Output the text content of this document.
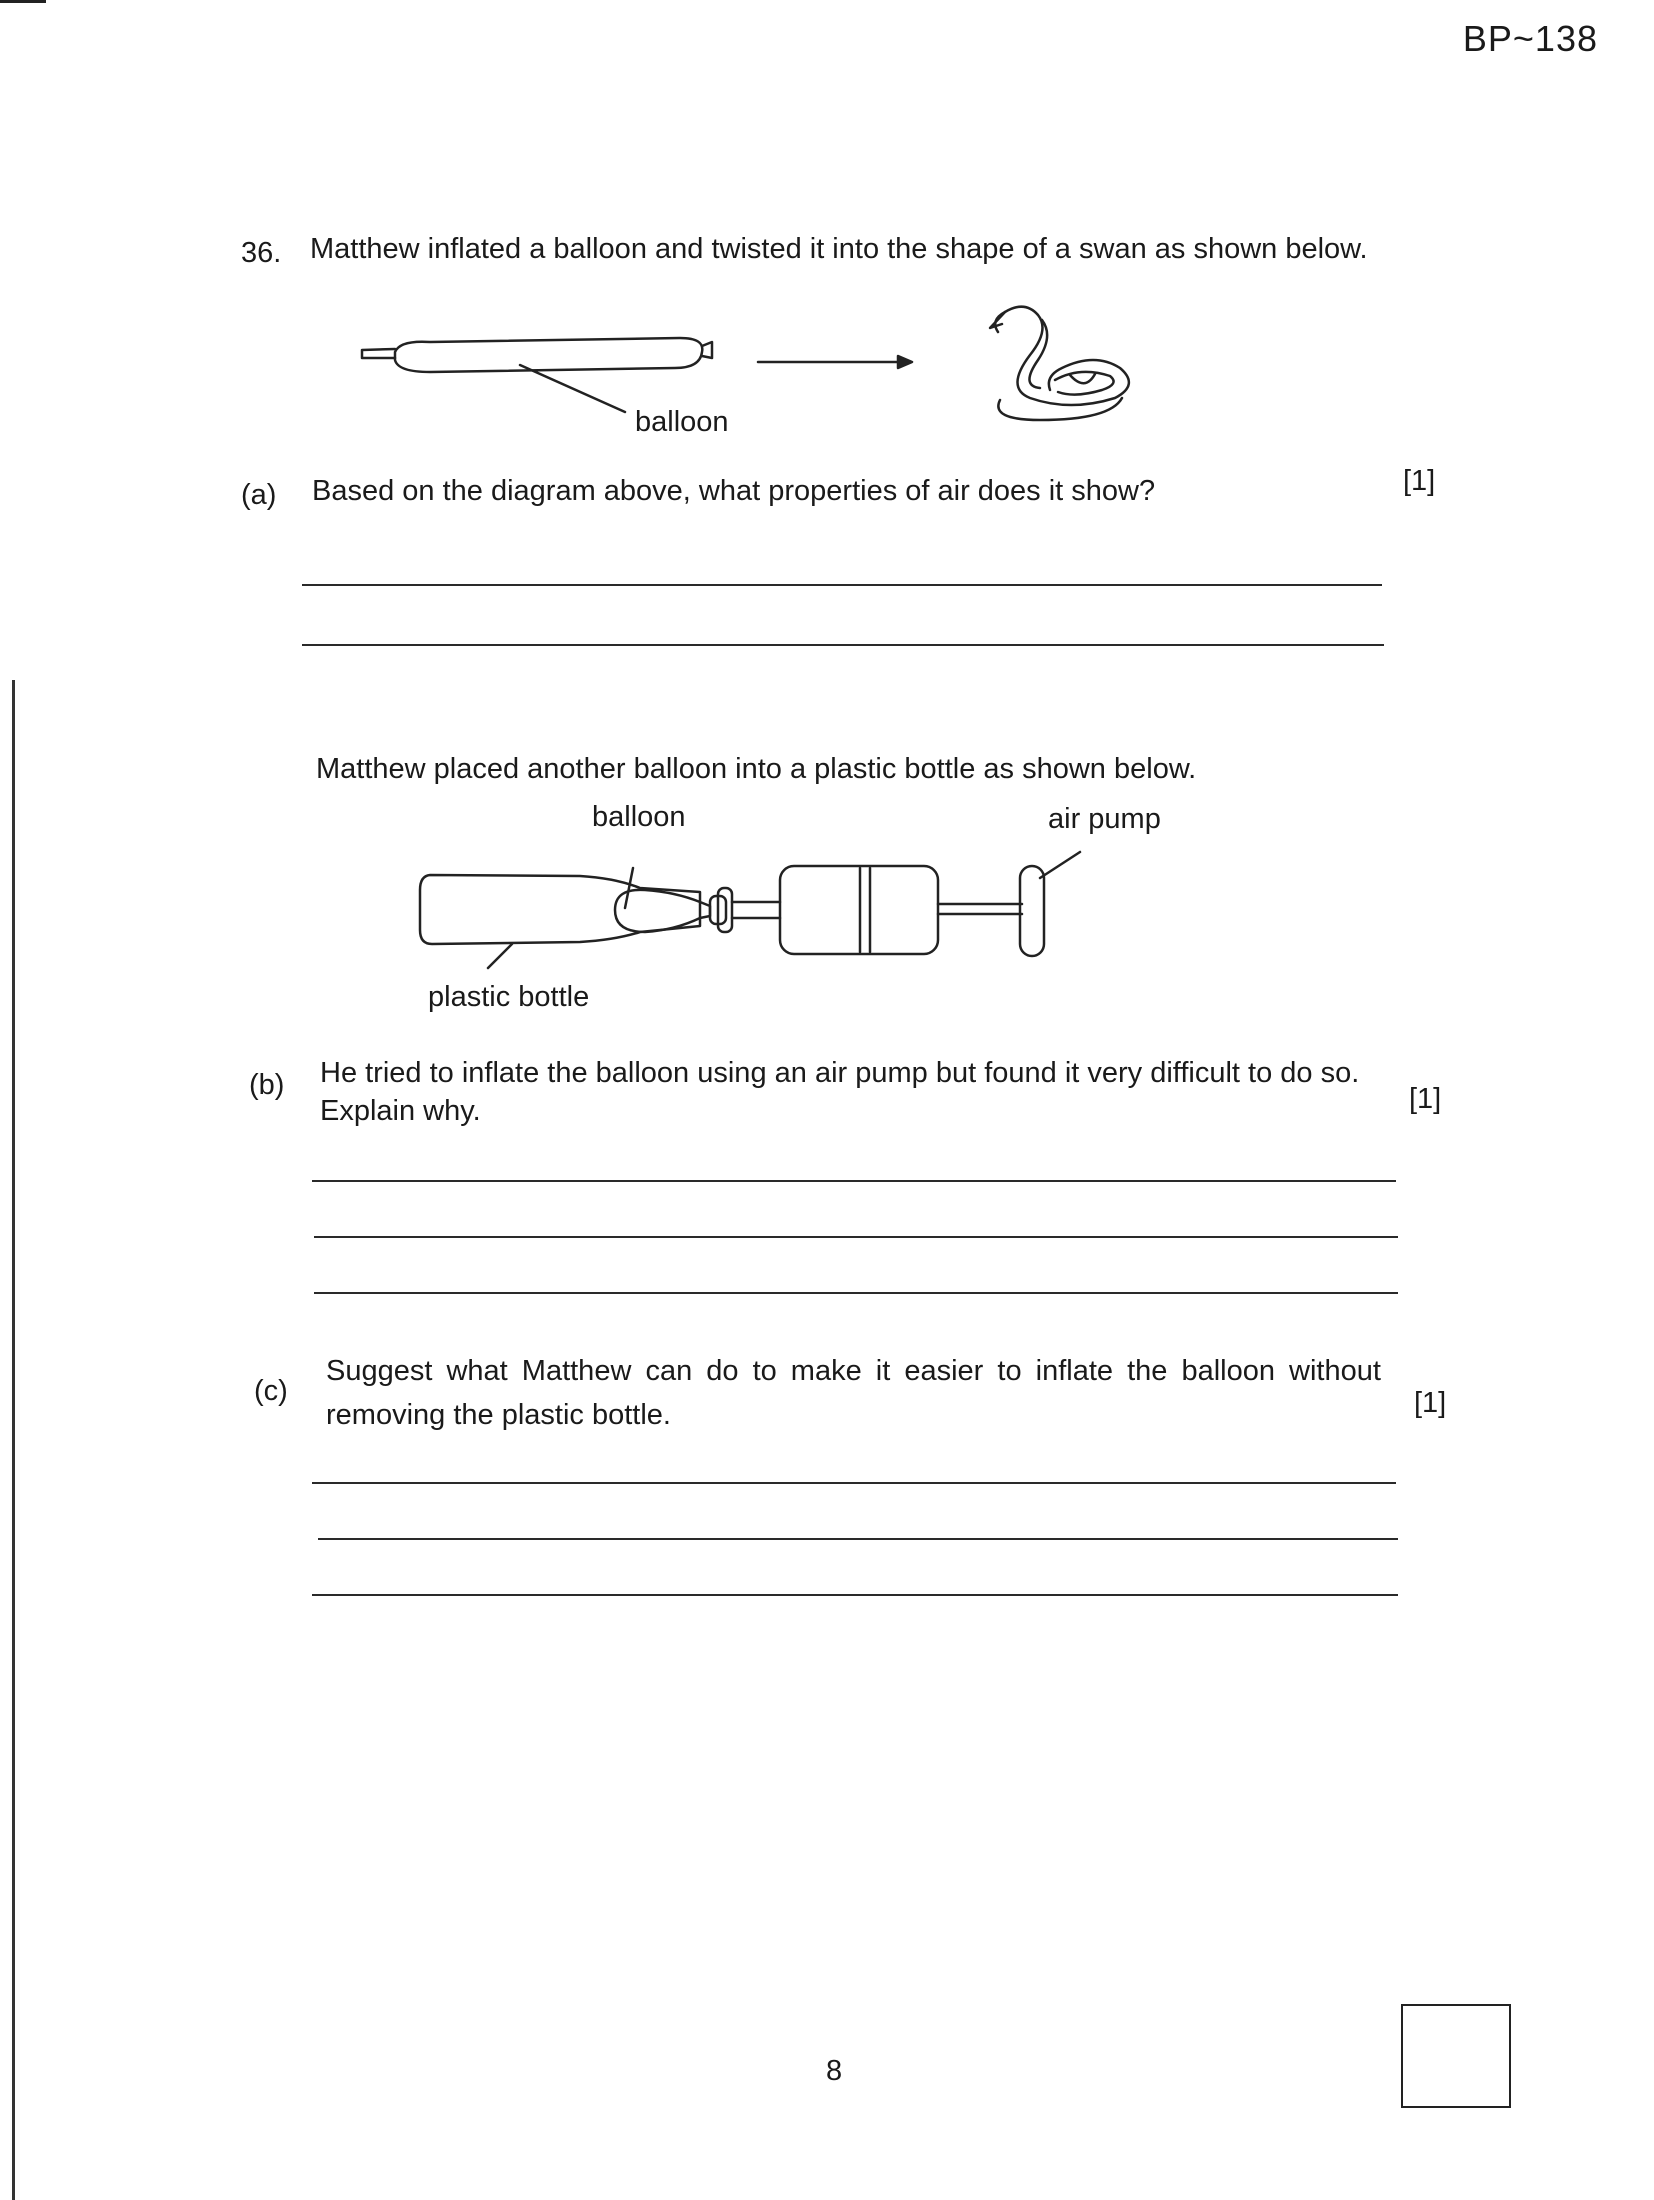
BP~138
36. Matthew inflated a balloon and twisted it into the shape of a swan as shown below.
balloon
(a) Based on the diagram above, what properties of air does it show?	[1]
Matthew placed another balloon into a plastic bottle as shown below.
balloon	air pump
plastic bottle
(b) He tried to inflate the balloon using an air pump but found it very difficult to do so.
Explain why.	[1]
(c)
Suggest what Matthew can do to make it easier to inflate the balloon without
removing the plastic bottle.	[1]
8
